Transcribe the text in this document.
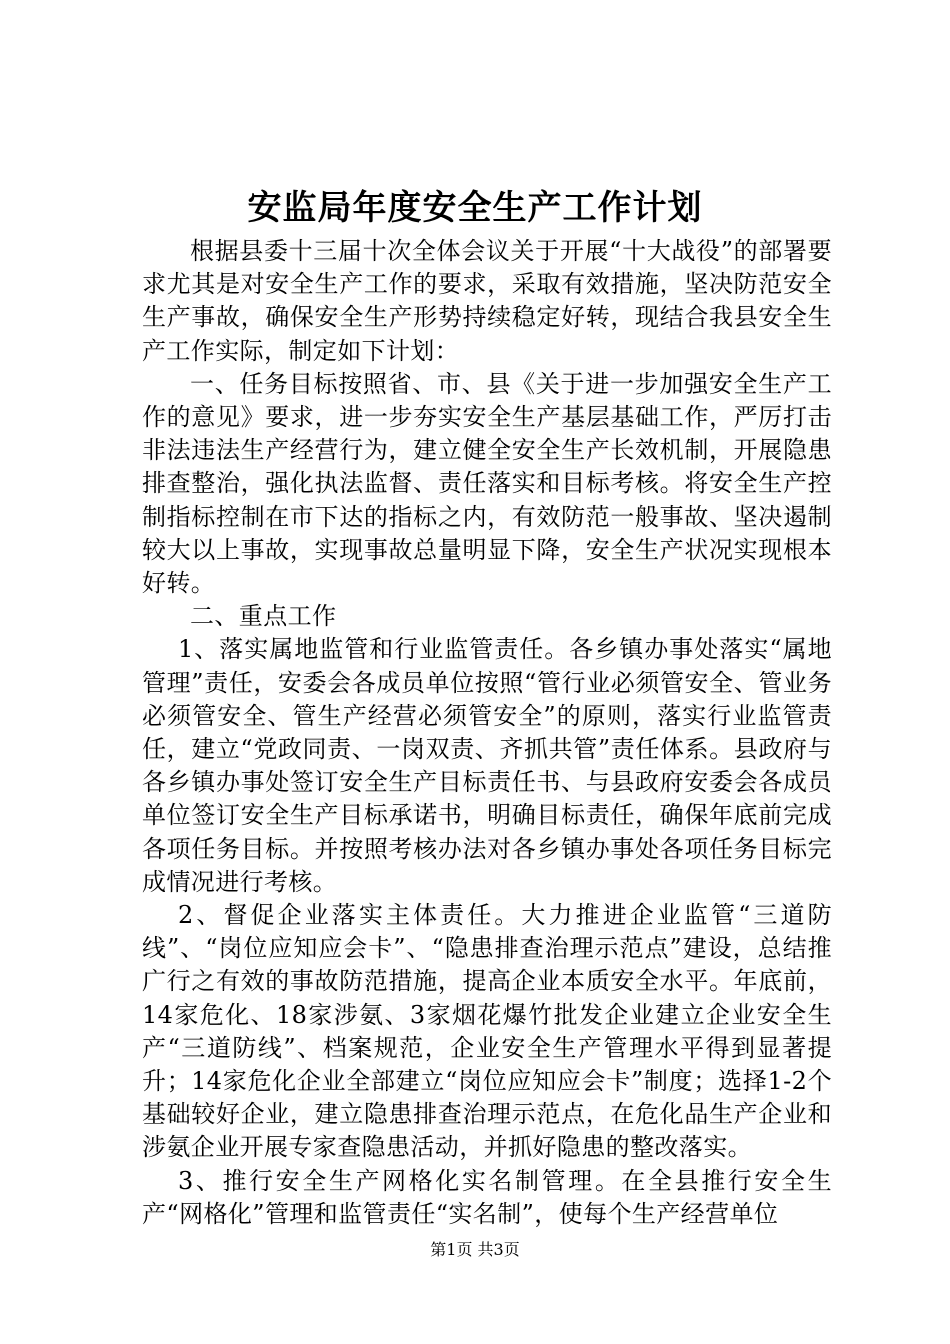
安监局年度安全生产工作计划

根据县委十三届十次全体会议关于开展“十大战役”的部署要求尤其是对安全生产工作的要求，采取有效措施，坚决防范安全生产事故，确保安全生产形势持续稳定好转，现结合我县安全生产工作实际，制定如下计划：

一、任务目标按照省、市、县《关于进一步加强安全生产工作的意见》要求，进一步夯实安全生产基层基础工作，严厉打击非法违法生产经营行为，建立健全安全生产长效机制，开展隐患排查整治，强化执法监督、责任落实和目标考核。将安全生产控制指标控制在市下达的指标之内，有效防范一般事故、坚决遏制较大以上事故，实现事故总量明显下降，安全生产状况实现根本好转。

二、重点工作

1、落实属地监管和行业监管责任。各乡镇办事处落实“属地管理”责任，安委会各成员单位按照“管行业必须管安全、管业务必须管安全、管生产经营必须管安全”的原则，落实行业监管责任，建立“党政同责、一岗双责、齐抓共管”责任体系。县政府与各乡镇办事处签订安全生产目标责任书、与县政府安委会各成员单位签订安全生产目标承诺书，明确目标责任，确保年底前完成各项任务目标。并按照考核办法对各乡镇办事处各项任务目标完成情况进行考核。

2、督促企业落实主体责任。大力推进企业监管“三道防线”、“岗位应知应会卡”、“隐患排查治理示范点”建设，总结推广行之有效的事故防范措施，提高企业本质安全水平。年底前，14家危化、18家涉氨、3家烟花爆竹批发企业建立企业安全生产“三道防线”、档案规范，企业安全生产管理水平得到显著提升；14家危化企业全部建立“岗位应知应会卡”制度；选择1-2个基础较好企业，建立隐患排查治理示范点，在危化品生产企业和涉氨企业开展专家查隐患活动，并抓好隐患的整改落实。

3、推行安全生产网格化实名制管理。在全县推行安全生产“网格化”管理和监管责任“实名制”，使每个生产经营单位

第1页 共3页
